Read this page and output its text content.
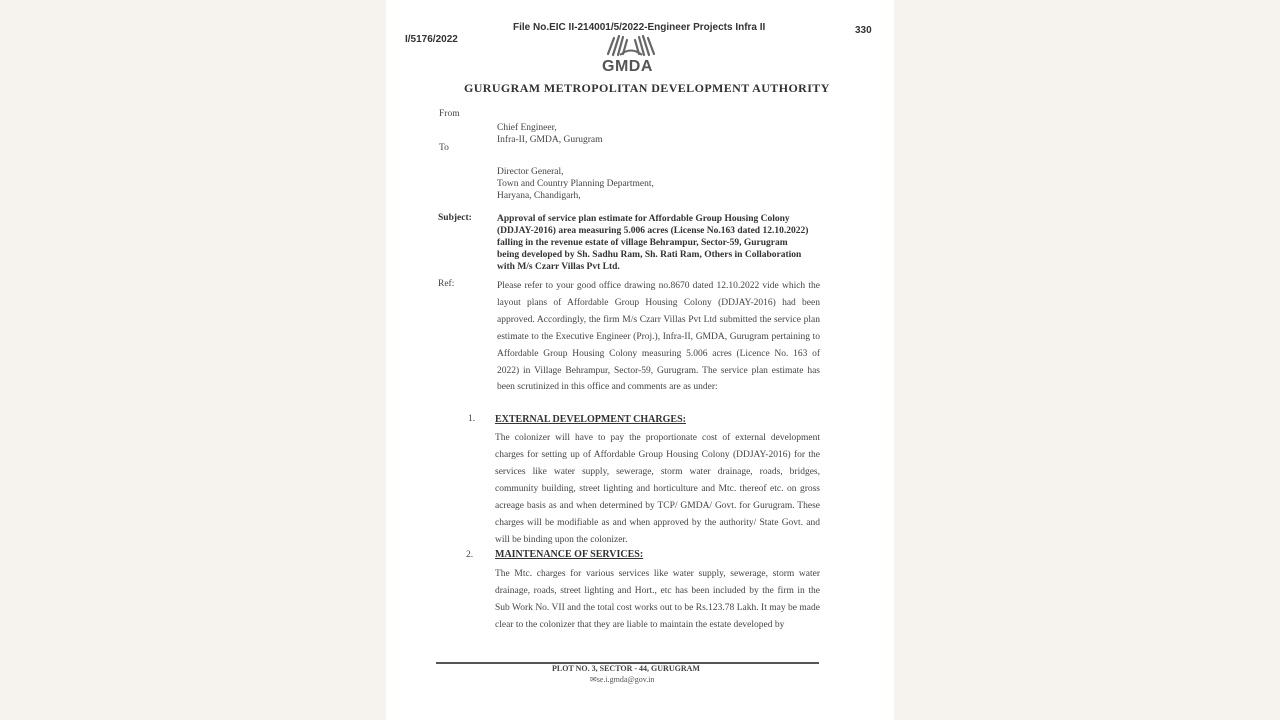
I/5176/2022
File No.EIC II-214001/5/2022-Engineer Projects Infra II	330
GMDA
GURUGRAM METROPOLITAN DEVELOPMENT AUTHORITY
From
Chief Engineer,
Infra-II, GMDA, Gurugram
To
Director General,
Town and Country Planning Department,
Haryana, Chandigarh,
Subject:	Approval of service plan estimate for Affordable Group Housing Colony
(DDJAY-2016) area measuring 5.006 acres (License No.163 dated 12.10.2022)
falling in the revenue estate of village Behrampur, Sector-59, Gurugram
being developed by Sh. Sadhu Ram, Sh. Rati Ram, Others in Collaboration
with M/s Czarr Villas Pvt Ltd.
Ref:	Please refer to your good office drawing no.8670 dated 12.10.2022 vide which the layout plans of Affordable Group Housing Colony (DDJAY-2016) had been approved. Accordingly, the firm M/s Czarr Villas Pvt Ltd submitted the service plan estimate to the Executive Engineer (Proj.), Infra-II, GMDA, Gurugram pertaining to Affordable Group Housing Colony measuring 5.006 acres (Licence No. 163 of 2022) in Village Behrampur, Sector-59, Gurugram. The service plan estimate has been scrutinized in this office and comments are as under:
1. EXTERNAL DEVELOPMENT CHARGES:
The colonizer will have to pay the proportionate cost of external development charges for setting up of Affordable Group Housing Colony (DDJAY-2016) for the services like water supply, sewerage, storm water drainage, roads, bridges, community building, street lighting and horticulture and Mtc. thereof etc. on gross acreage basis as and when determined by TCP/ GMDA/ Govt. for Gurugram. These charges will be modifiable as and when approved by the authority/ State Govt. and will be binding upon the colonizer.
2. MAINTENANCE OF SERVICES:
The Mtc. charges for various services like water supply, sewerage, storm water drainage, roads, street lighting and Hort., etc has been included by the firm in the Sub Work No. VII and the total cost works out to be Rs.123.78 Lakh. It may be made clear to the colonizer that they are liable to maintain the estate developed by
PLOT NO. 3, SECTOR - 44, GURUGRAM
✉se.i.gmda@gov.in
